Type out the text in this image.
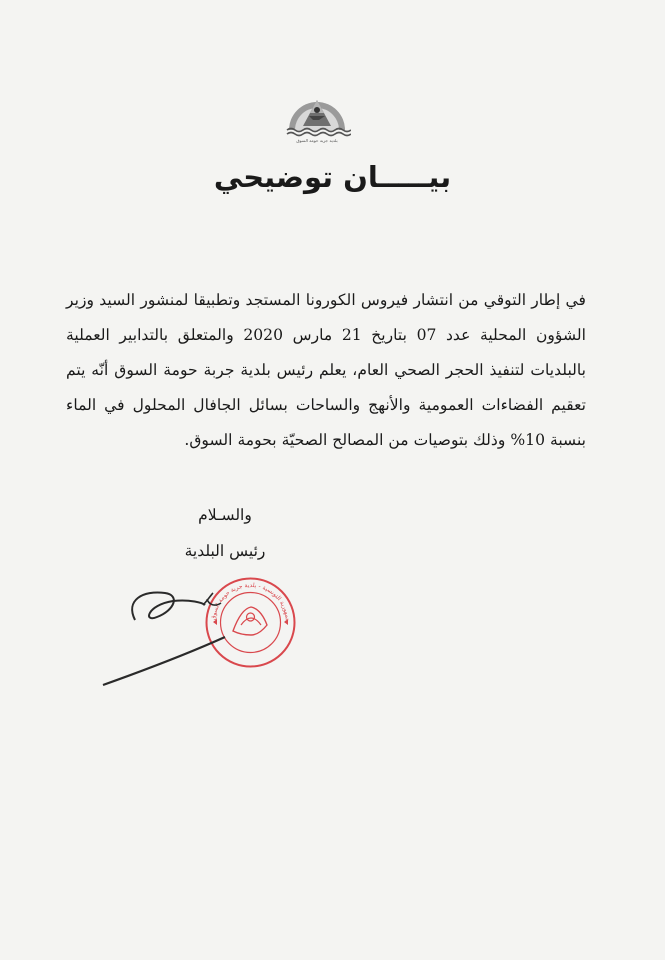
بلدية جربة حومة السوق
بيـــــان توضيحي
في إطار التوقي من انتشار فيروس الكورونا المستجد وتطبيقا لمنشور السيد وزير الشؤون المحلية عدد 07 بتاريخ 21 مارس 2020 والمتعلق بالتدابير العملية بالبلديات لتنفيذ الحجر الصحي العام، يعلم رئيس بلدية جربة حومة السوق أنّه يتم تعقيم الفضاءات العمومية والأنهج والساحات بسائل الجافال المحلول في الماء بنسبة 10% وذلك بتوصيات من المصالح الصحيّة بحومة السوق.
والسـلام
رئيس البلدية
جمهورية التونسية - بلدية جربة حومة السوق
